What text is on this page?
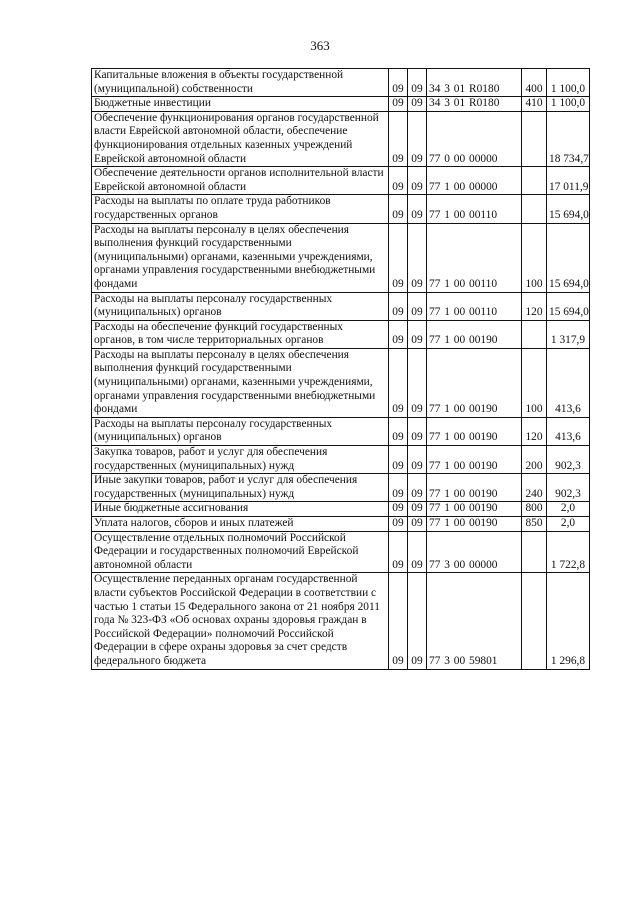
363
Капитальные вложения в объекты государственной (муниципальной) собственности	09	09	34 3 01 R0180	400	1 100,0
Бюджетные инвестиции	09	09	34 3 01 R0180	410	1 100,0
Обеспечение функционирования органов государственной власти Еврейской автономной области, обеспечение функционирования отдельных казенных учреждений Еврейской автономной области	09	09	77 0 00 00000		18 734,7
Обеспечение деятельности органов исполнительной власти Еврейской автономной области	09	09	77 1 00 00000		17 011,9
Расходы на выплаты по оплате труда работников государственных органов	09	09	77 1 00 00110		15 694,0
Расходы на выплаты персоналу в целях обеспечения выполнения функций государственными (муниципальными) органами, казенными учреждениями, органами управления государственными внебюджетными фондами	09	09	77 1 00 00110	100	15 694,0
Расходы на выплаты персоналу государственных (муниципальных) органов	09	09	77 1 00 00110	120	15 694,0
Расходы на обеспечение функций государственных органов, в том числе территориальных органов	09	09	77 1 00 00190		1 317,9
Расходы на выплаты персоналу в целях обеспечения выполнения функций государственными (муниципальными) органами, казенными учреждениями, органами управления государственными внебюджетными фондами	09	09	77 1 00 00190	100	413,6
Расходы на выплаты персоналу государственных (муниципальных) органов	09	09	77 1 00 00190	120	413,6
Закупка товаров, работ и услуг для обеспечения государственных (муниципальных) нужд	09	09	77 1 00 00190	200	902,3
Иные закупки товаров, работ и услуг для обеспечения государственных (муниципальных) нужд	09	09	77 1 00 00190	240	902,3
Иные бюджетные ассигнования	09	09	77 1 00 00190	800	2,0
Уплата налогов, сборов и иных платежей	09	09	77 1 00 00190	850	2,0
Осуществление отдельных полномочий Российской Федерации и государственных полномочий Еврейской автономной области	09	09	77 3 00 00000		1 722,8
Осуществление переданных органам государственной власти субъектов Российской Федерации в соответствии с частью 1 статьи 15 Федерального закона от 21 ноября 2011 года № 323-ФЗ «Об основах охраны здоровья граждан в Российской Федерации» полномочий Российской Федерации в сфере охраны здоровья за счет средств федерального бюджета	09	09	77 3 00 59801		1 296,8
